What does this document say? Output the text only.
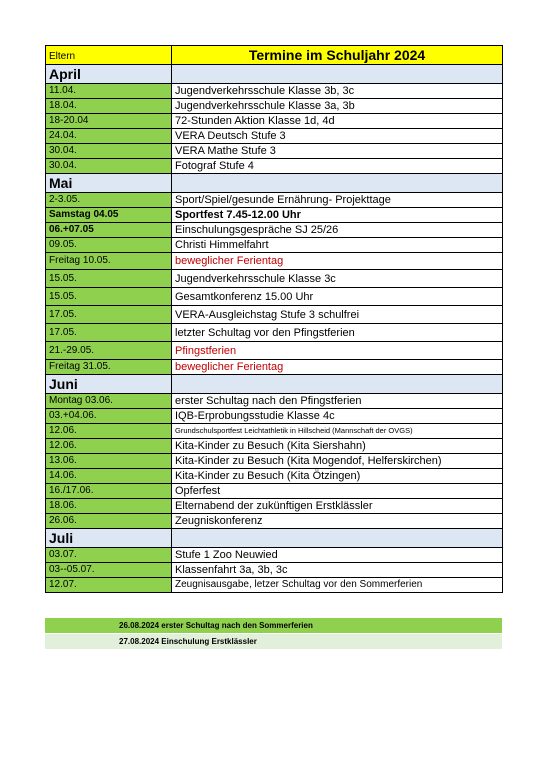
Eltern	Termine im Schuljahr 2024
April	
11.04.	Jugendverkehrsschule Klasse 3b, 3c
18.04.	Jugendverkehrsschule Klasse 3a, 3b
18-20.04	72-Stunden Aktion Klasse 1d, 4d
24.04.	VERA Deutsch Stufe 3
30.04.	VERA Mathe Stufe 3
30.04.	Fotograf Stufe 4
Mai	
2-3.05.	Sport/Spiel/gesunde Ernährung- Projekttage
Samstag 04.05	Sportfest 7.45-12.00 Uhr
06.+07.05	Einschulungsgespräche SJ 25/26
09.05.	Christi Himmelfahrt
Freitag 10.05.	beweglicher Ferientag
15.05.	Jugendverkehrsschule Klasse 3c
15.05.	Gesamtkonferenz 15.00 Uhr
17.05.	VERA-Ausgleichstag Stufe 3 schulfrei
17.05.	letzter Schultag vor den Pfingstferien
21.-29.05.	Pfingstferien
Freitag 31.05.	beweglicher Ferientag
Juni	
Montag 03.06.	erster Schultag nach den Pfingstferien
03.+04.06.	IQB-Erprobungsstudie Klasse 4c
12.06.	Grundschulsportfest Leichtathletik in Hillscheid (Mannschaft der OVGS)
12.06.	Kita-Kinder zu Besuch (Kita Siershahn)
13.06.	Kita-Kinder zu Besuch (Kita Mogendof, Helferskirchen)
14.06.	Kita-Kinder zu Besuch (Kita Ötzingen)
16./17.06.	Opferfest
18.06.	Elternabend der zukünftigen Erstklässler
26.06.	Zeugniskonferenz
Juli	
03.07.	Stufe 1 Zoo Neuwied
03--05.07.	Klassenfahrt 3a, 3b, 3c
12.07.	Zeugnisausgabe, letzer Schultag vor den Sommerferien
26.08.2024 erster Schultag nach den Sommerferien
27.08.2024 Einschulung Erstklässler
